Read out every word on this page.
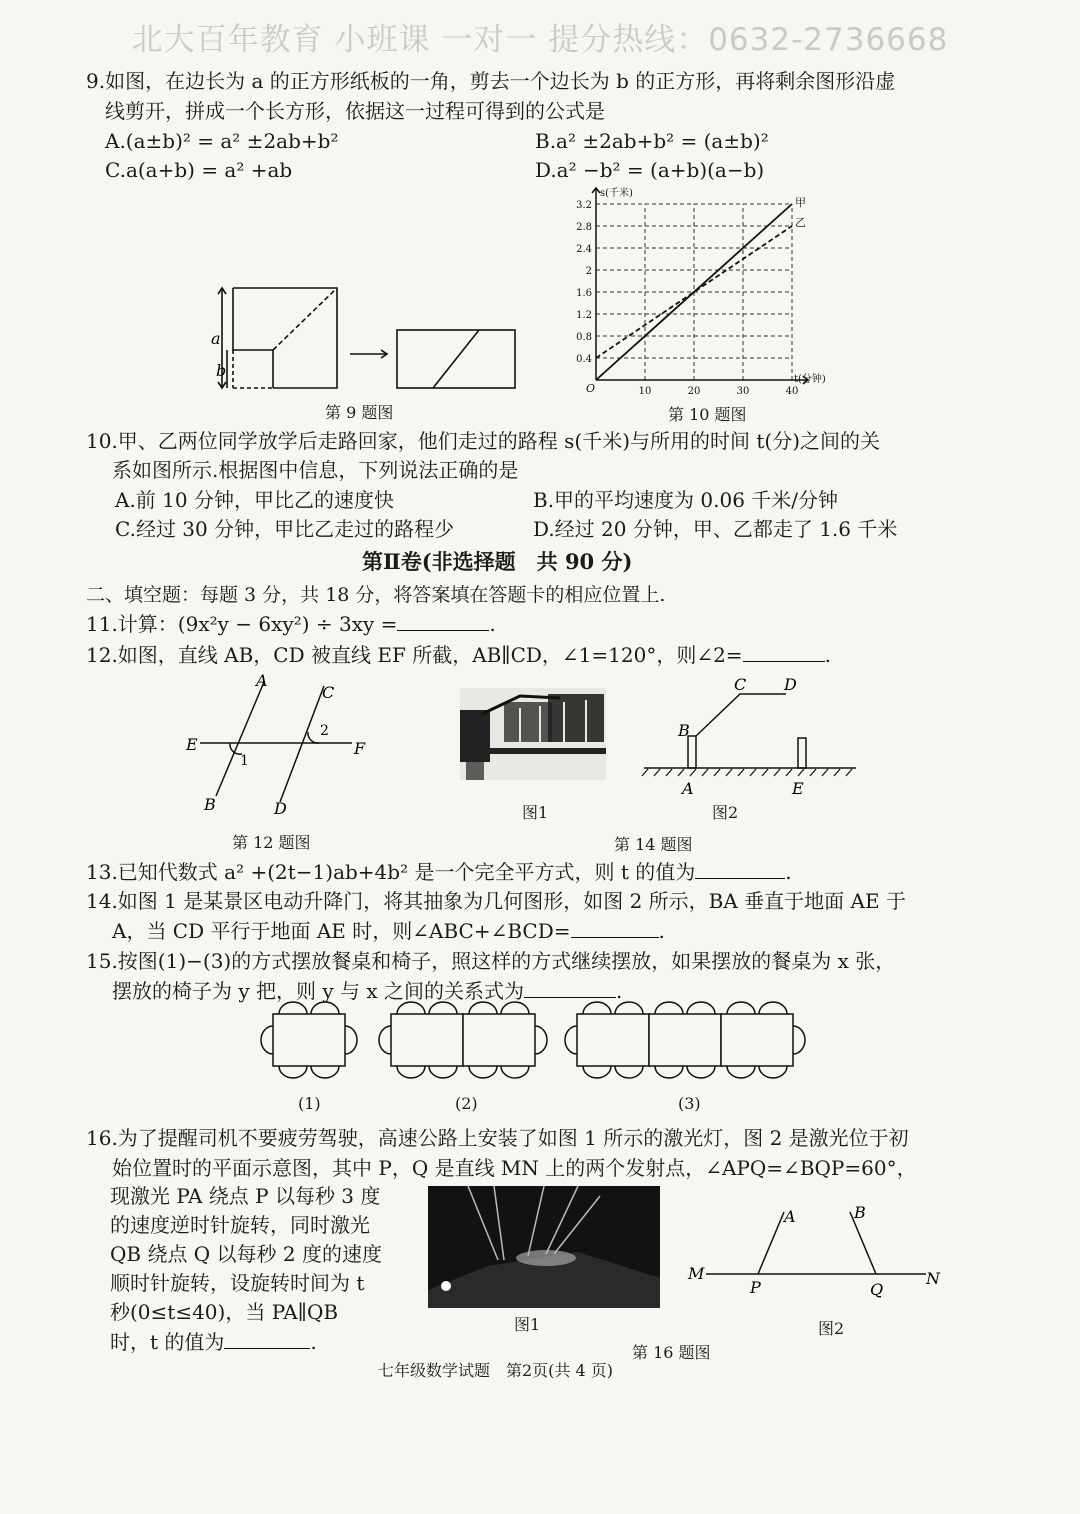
北大百年教育 小班课 一对一 提分热线：0632-2736668
9.如图，在边长为 a 的正方形纸板的一角，剪去一个边长为 b 的正方形，再将剩余图形沿虚
线剪开，拼成一个长方形，依据这一过程可得到的公式是
A.(a±b)² = a² ±2ab+b²	B.a² ±2ab+b² = (a±b)²
C.a(a+b) = a² +ab	D.a² −b² = (a+b)(a−b)
a
b
第 9 题图
0.4
0.8
1.2
1.6
2
2.4
2.8
3.2
10	20	30	40
s(千米)
t(分钟)
O
甲
乙
第 10 题图
10.甲、乙两位同学放学后走路回家，他们走过的路程 s(千米)与所用的时间 t(分)之间的关
系如图所示.根据图中信息，下列说法正确的是
A.前 10 分钟，甲比乙的速度快	B.甲的平均速度为 0.06 千米/分钟
C.经过 30 分钟，甲比乙走过的路程少	D.经过 20 分钟，甲、乙都走了 1.6 千米
第Ⅱ卷(非选择题　共 90 分)
二、填空题：每题 3 分，共 18 分，将答案填在答题卡的相应位置上.
11.计算：(9x²y − 6xy²) ÷ 3xy =	.
12.如图，直线 AB，CD 被直线 EF 所截，AB∥CD，∠1=120°，则∠2=	.
A
C
E	F
1
2
B	D
第 12 题图
图1
C D
B
A	E
图2
第 14 题图
13.已知代数式 a² +(2t−1)ab+4b² 是一个完全平方式，则 t 的值为	.
14.如图 1 是某景区电动升降门，将其抽象为几何图形，如图 2 所示，BA 垂直于地面 AE 于
A，当 CD 平行于地面 AE 时，则∠ABC+∠BCD=	.
15.按图(1)−(3)的方式摆放餐桌和椅子，照这样的方式继续摆放，如果摆放的餐桌为 x 张，
摆放的椅子为 y 把，则 y 与 x 之间的关系式为	.
(1)	(2)	(3)
16.为了提醒司机不要疲劳驾驶，高速公路上安装了如图 1 所示的激光灯，图 2 是激光位于初
始位置时的平面示意图，其中 P，Q 是直线 MN 上的两个发射点，∠APQ=∠BQP=60°，
现激光 PA 绕点 P 以每秒 3 度
的速度逆时针旋转，同时激光
QB 绕点 Q 以每秒 2 度的速度
顺时针旋转，设旋转时间为 t
秒(0≤t≤40)，当 PA∥QB
时，t 的值为	.
图1
M	N
P	Q
A	B
图2
第 16 题图
七年级数学试题　第2页(共 4 页)
